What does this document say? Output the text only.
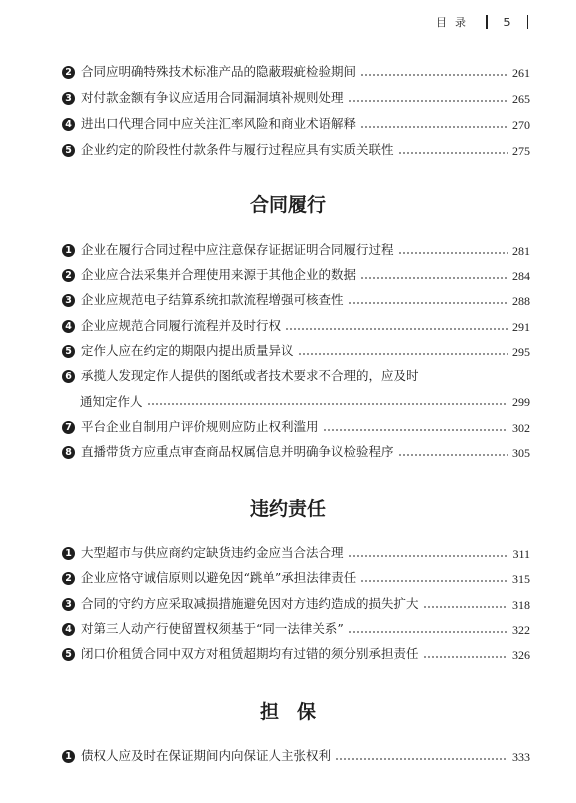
目录	5
2 合同应明确特殊技术标准产品的隐蔽瑕疵检验期间	261
3 对付款金额有争议应适用合同漏洞填补规则处理	265
4 进出口代理合同中应关注汇率风险和商业术语解释	270
5 企业约定的阶段性付款条件与履行过程应具有实质关联性	275
合同履行
1 企业在履行合同过程中应注意保存证据证明合同履行过程	281
2 企业应合法采集并合理使用来源于其他企业的数据	284
3 企业应规范电子结算系统扣款流程增强可核查性	288
4 企业应规范合同履行流程并及时行权	291
5 定作人应在约定的期限内提出质量异议	295
6 承揽人发现定作人提供的图纸或者技术要求不合理的，应及时
通知定作人	299
7 平台企业自制用户评价规则应防止权利滥用	302
8 直播带货方应重点审查商品权属信息并明确争议检验程序	305
违约责任
1 大型超市与供应商约定缺货违约金应当合法合理	311
2 企业应恪守诚信原则以避免因“跳单”承担法律责任	315
3 合同的守约方应采取减损措施避免因对方违约造成的损失扩大	318
4 对第三人动产行使留置权须基于“同一法律关系”	322
5 闭口价租赁合同中双方对租赁超期均有过错的须分别承担责任	326
担保
1 债权人应及时在保证期间内向保证人主张权利	333
